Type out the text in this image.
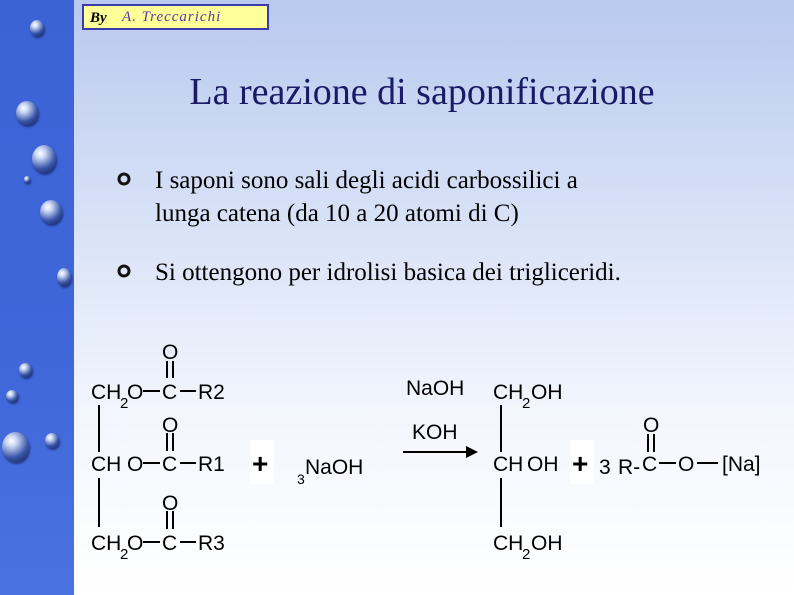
By A. Treccarichi
La reazione di saponificazione
I saponi sono sali degli acidi carbossilici a
lunga catena (da 10 a 20 atomi di C)
Si ottengono per idrolisi basica dei trigliceridi.
O
CH
2
O C R2
O
CH O C R1
O
CH
2
O C R3
+ 3 NaOH
NaOH
KOH
CH
2 OH
CH OH
CH
2 OH
+
O
3 R- C O [Na]
